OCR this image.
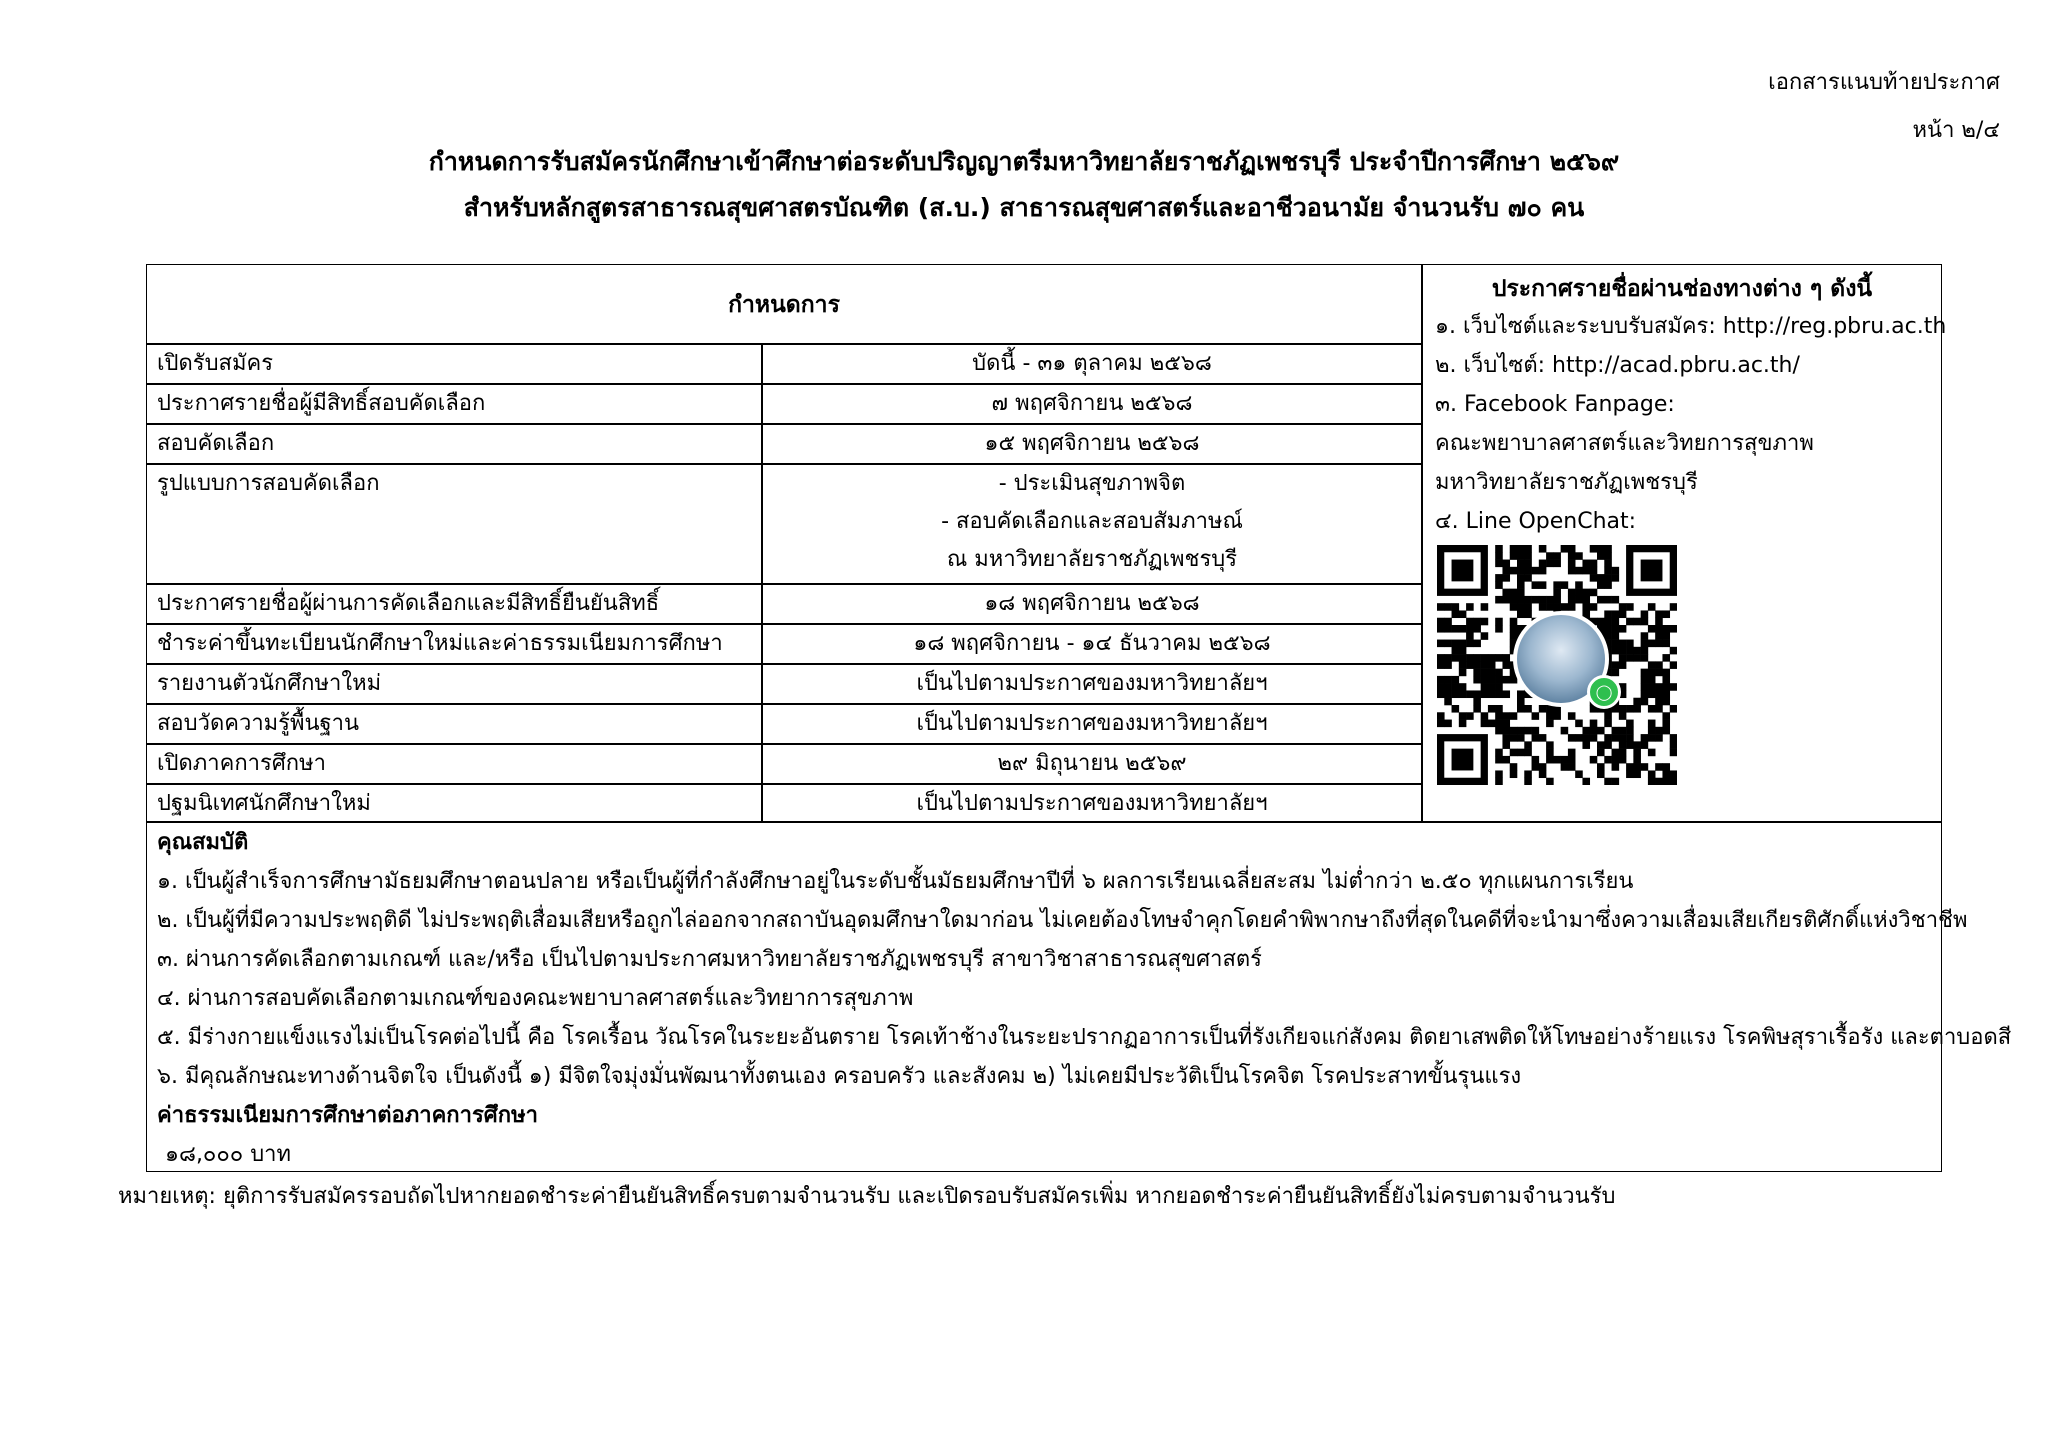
เอกสารแนบท้ายประกาศ
หน้า ๒/๔
กำหนดการรับสมัครนักศึกษาเข้าศึกษาต่อระดับปริญญาตรีมหาวิทยาลัยราชภัฏเพชรบุรี ประจำปีการศึกษา ๒๕๖๙
สำหรับหลักสูตรสาธารณสุขศาสตรบัณฑิต (ส.บ.) สาธารณสุขศาสตร์และอาชีวอนามัย จำนวนรับ ๗๐ คน
กำหนดการ
เปิดรับสมัคร	บัดนี้ - ๓๑ ตุลาคม ๒๕๖๘
ประกาศรายชื่อผู้มีสิทธิ์สอบคัดเลือก	๗ พฤศจิกายน ๒๕๖๘
สอบคัดเลือก	๑๕ พฤศจิกายน ๒๕๖๘
รูปแบบการสอบคัดเลือก	- ประเมินสุขภาพจิต
- สอบคัดเลือกและสอบสัมภาษณ์
ณ มหาวิทยาลัยราชภัฏเพชรบุรี
ประกาศรายชื่อผู้ผ่านการคัดเลือกและมีสิทธิ์ยืนยันสิทธิ์	๑๘ พฤศจิกายน ๒๕๖๘
ชำระค่าขึ้นทะเบียนนักศึกษาใหม่และค่าธรรมเนียมการศึกษา	๑๘ พฤศจิกายน - ๑๔ ธันวาคม ๒๕๖๘
รายงานตัวนักศึกษาใหม่	เป็นไปตามประกาศของมหาวิทยาลัยฯ
สอบวัดความรู้พื้นฐาน	เป็นไปตามประกาศของมหาวิทยาลัยฯ
เปิดภาคการศึกษา	๒๙ มิถุนายน ๒๕๖๙
ปฐมนิเทศนักศึกษาใหม่	เป็นไปตามประกาศของมหาวิทยาลัยฯ
ประกาศรายชื่อผ่านช่องทางต่าง ๆ ดังนี้
๑. เว็บไซต์และระบบรับสมัคร: http://reg.pbru.ac.th
๒. เว็บไซต์: http://acad.pbru.ac.th/
๓. Facebook Fanpage:
คณะพยาบาลศาสตร์และวิทยการสุขภาพ
มหาวิทยาลัยราชภัฏเพชรบุรี
๔. Line OpenChat:
◯
คุณสมบัติ
๑. เป็นผู้สำเร็จการศึกษามัธยมศึกษาตอนปลาย หรือเป็นผู้ที่กำลังศึกษาอยู่ในระดับชั้นมัธยมศึกษาปีที่ ๖ ผลการเรียนเฉลี่ยสะสม ไม่ต่ำกว่า ๒.๕๐ ทุกแผนการเรียน
๒. เป็นผู้ที่มีความประพฤติดี ไม่ประพฤติเสื่อมเสียหรือถูกไล่ออกจากสถาบันอุดมศึกษาใดมาก่อน ไม่เคยต้องโทษจำคุกโดยคำพิพากษาถึงที่สุดในคดีที่จะนำมาซึ่งความเสื่อมเสียเกียรติศักดิ์แห่งวิชาชีพ
๓. ผ่านการคัดเลือกตามเกณฑ์ และ/หรือ เป็นไปตามประกาศมหาวิทยาลัยราชภัฏเพชรบุรี สาขาวิชาสาธารณสุขศาสตร์
๔. ผ่านการสอบคัดเลือกตามเกณฑ์ของคณะพยาบาลศาสตร์และวิทยาการสุขภาพ
๕. มีร่างกายแข็งแรงไม่เป็นโรคต่อไปนี้ คือ โรคเรื้อน วัณโรคในระยะอันตราย โรคเท้าช้างในระยะปรากฏอาการเป็นที่รังเกียจแก่สังคม ติดยาเสพติดให้โทษอย่างร้ายแรง โรคพิษสุราเรื้อรัง และตาบอดสี
๖. มีคุณลักษณะทางด้านจิตใจ เป็นดังนี้ ๑) มีจิตใจมุ่งมั่นพัฒนาทั้งตนเอง ครอบครัว และสังคม ๒) ไม่เคยมีประวัติเป็นโรคจิต โรคประสาทขั้นรุนแรง
ค่าธรรมเนียมการศึกษาต่อภาคการศึกษา
๑๘,๐๐๐ บาท
หมายเหตุ: ยุติการรับสมัครรอบถัดไปหากยอดชำระค่ายืนยันสิทธิ์ครบตามจำนวนรับ และเปิดรอบรับสมัครเพิ่ม หากยอดชำระค่ายืนยันสิทธิ์ยังไม่ครบตามจำนวนรับ
